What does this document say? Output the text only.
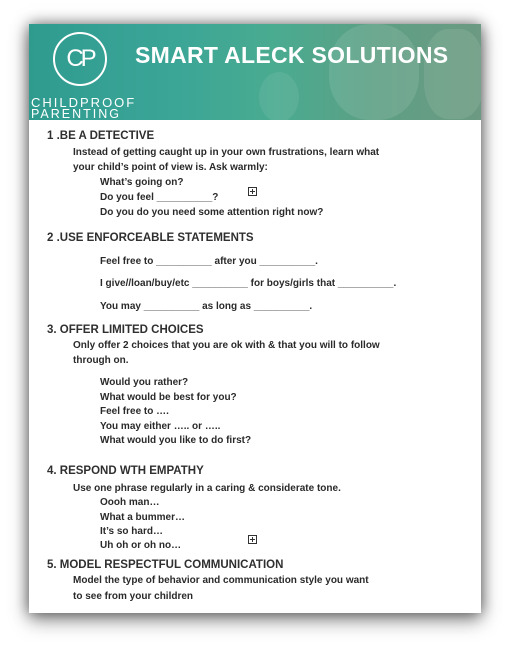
CP
CHILDPROOF
PARENTING
SMART ALECK SOLUTIONS
1 .BE A DETECTIVE
Instead of getting caught up in your own frustrations, learn what
your child’s point of view is. Ask warmly:
What’s going on?
Do you feel __________?
Do you do you need some attention right now?
2 .USE ENFORCEABLE STATEMENTS
Feel free to __________ after you __________.
I give//loan/buy/etc __________ for boys/girls that __________.
You may __________ as long as __________.
3. OFFER LIMITED CHOICES
Only offer 2 choices that you are ok with & that you will to follow
through on.
Would you rather?
What would be best for you?
Feel free to ….
You may either ….. or …..
What would you like to do first?
4. RESPOND WTH EMPATHY
Use one phrase regularly in a caring & considerate tone.
Oooh man…
What a bummer…
It’s so hard…
Uh oh or oh no…
5. MODEL RESPECTFUL COMMUNICATION
Model the type of behavior and communication style you want
to see from your children
